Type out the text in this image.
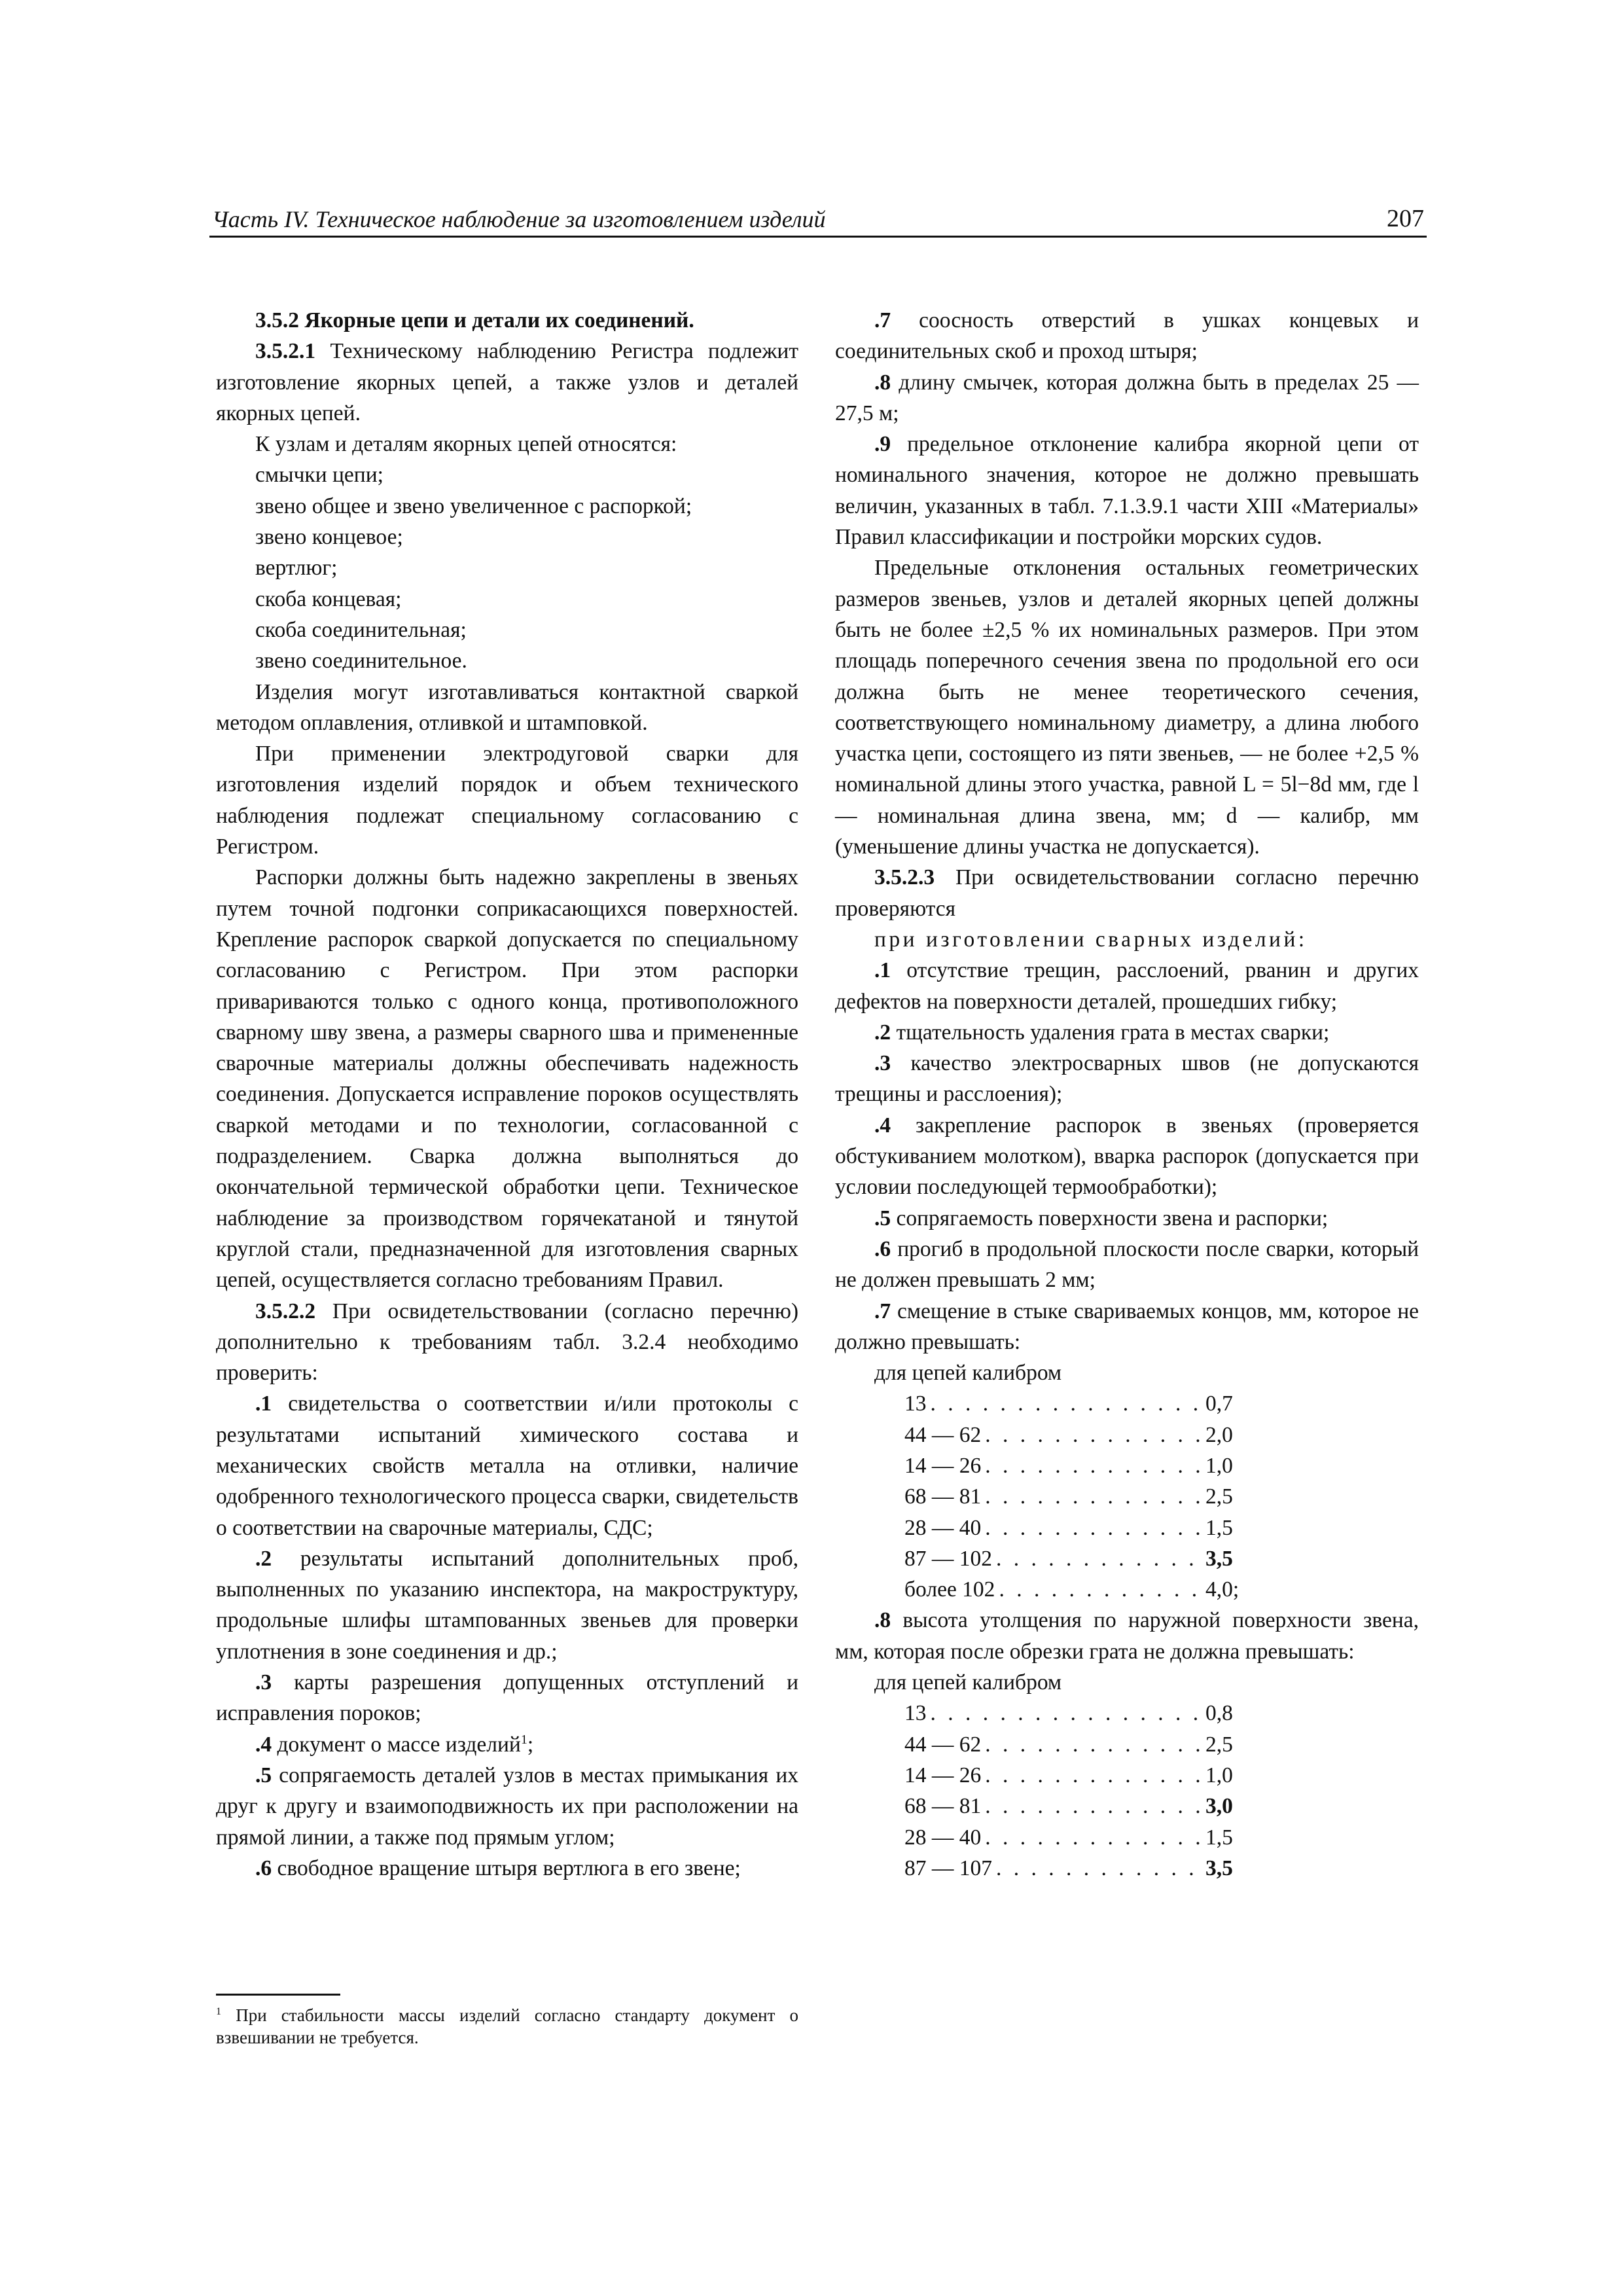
Часть IV. Техническое наблюдение за изготовлением изделий	207

3.5.2 Якорные цепи и детали их соединений.

3.5.2.1 Техническому наблюдению Регистра подлежит изготовление якорных цепей, а также узлов и деталей якорных цепей.

К узлам и деталям якорных цепей относятся:

смычки цепи;

звено общее и звено увеличенное с распоркой;

звено концевое;

вертлюг;

скоба концевая;

скоба соединительная;

звено соединительное.

Изделия могут изготавливаться контактной сваркой методом оплавления, отливкой и штамповкой.

При применении электродуговой сварки для изготовления изделий порядок и объем технического наблюдения подлежат специальному согласованию с Регистром.

Распорки должны быть надежно закреплены в звеньях путем точной подгонки соприкасающихся поверхностей. Крепление распорок сваркой допускается по специальному согласованию с Регистром. При этом распорки привариваются только с одного конца, противоположного сварному шву звена, а размеры сварного шва и примененные сварочные материалы должны обеспечивать надежность соединения. Допускается исправление пороков осуществлять сваркой методами и по технологии, согласованной с подразделением. Сварка должна выполняться до окончательной термической обработки цепи. Техническое наблюдение за производством горячекатаной и тянутой круглой стали, предназначенной для изготовления сварных цепей, осуществляется согласно требованиям Правил.

3.5.2.2 При освидетельствовании (согласно перечню) дополнительно к требованиям табл. 3.2.4 необходимо проверить:

.1 свидетельства о соответствии и/или протоколы с результатами испытаний химического состава и механических свойств металла на отливки, наличие одобренного технологического процесса сварки, свидетельств о соответствии на сварочные материалы, СДС;

.2 результаты испытаний дополнительных проб, выполненных по указанию инспектора, на макроструктуру, продольные шлифы штампованных звеньев для проверки уплотнения в зоне соединения и др.;

.3 карты разрешения допущенных отступлений и исправления пороков;

.4 документ о массе изделий$^1$;

.5 сопрягаемость деталей узлов в местах примыкания их друг к другу и взаимоподвижность их при расположении на прямой линии, а также под прямым углом;

.6 свободное вращение штыря вертлюга в его звене;

$^1$ При стабильности массы изделий согласно стандарту документ о взвешивании не требуется.

.7 соосность отверстий в ушках концевых и соединительных скоб и проход штыря;

.8 длину смычек, которая должна быть в пределах 25 — 27,5 м;

.9 предельное отклонение калибра якорной цепи от номинального значения, которое не должно превышать величин, указанных в табл. 7.1.3.9.1 части XIII «Материалы» Правил классификации и постройки морских судов.

Предельные отклонения остальных геометрических размеров звеньев, узлов и деталей якорных цепей должны быть не более ±2,5 % их номинальных размеров. При этом площадь поперечного сечения звена по продольной его оси должна быть не менее теоретического сечения, соответствующего номинальному диаметру, а длина любого участка цепи, состоящего из пяти звеньев, — не более +2,5 % номинальной длины этого участка, равной L = 5l−8d мм, где l — номинальная длина звена, мм; d — калибр, мм (уменьшение длины участка не допускается).

3.5.2.3 При освидетельствовании согласно перечню проверяются

при изготовлении сварных изделий:

.1 отсутствие трещин, расслоений, рванин и других дефектов на поверхности деталей, прошедших гибку;

.2 тщательность удаления грата в местах сварки;

.3 качество электросварных швов (не допускаются трещины и расслоения);

.4 закрепление распорок в звеньях (проверяется обстукиванием молотком), вварка распорок (допускается при условии последующей термообработки);

.5 сопрягаемость поверхности звена и распорки;

.6 прогиб в продольной плоскости после сварки, который не должен превышать 2 мм;

.7 смещение в стыке свариваемых концов, мм, которое не должно превышать:

для цепей калибром

13 . . .	0,7
44 — 62 . . .	2,0
14 — 26 . . .	1,0
68 — 81 . . .	2,5
28 — 40 . . .	1,5
87 — 102 . . .	3,5
более 102 . . .	4,0;

.8 высота утолщения по наружной поверхности звена, мм, которая после обрезки грата не должна превышать:

для цепей калибром

13 . . .	0,8
44 — 62 . . .	2,5
14 — 26 . . .	1,0
68 — 81 . . .	3,0
28 — 40 . . .	1,5
87 — 107 . . .	3,5
